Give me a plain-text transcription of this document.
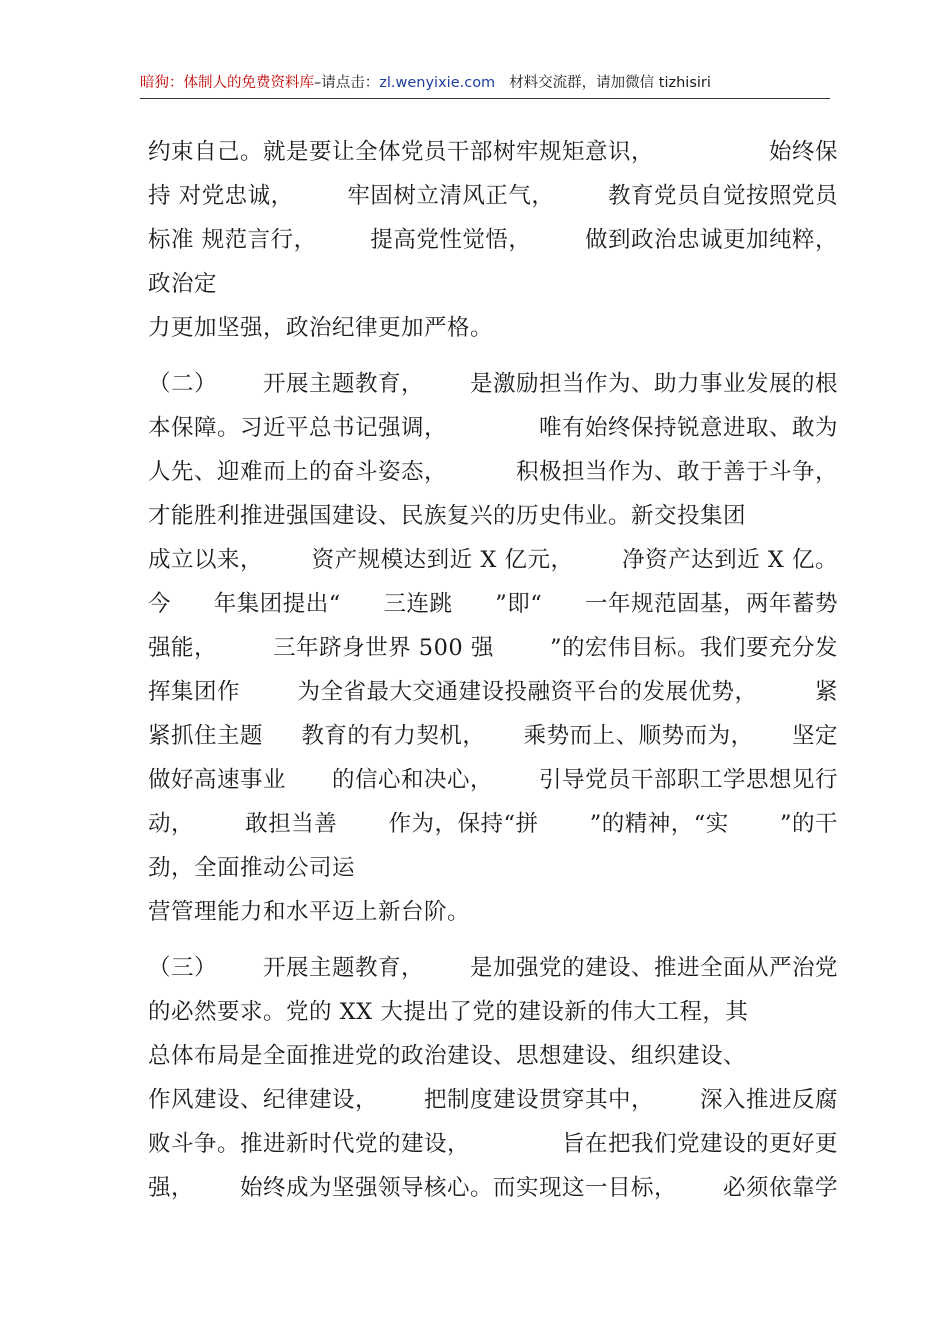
暗狗：体制人的免费资料库–请点击：zl.wenyixie.com 材料交流群，请加微信 tizhisiri
约束自己。就是要让全体党员干部树牢规矩意识，	始终保
持 对党忠诚， 牢固树立清风正气， 教育党员自觉按照党员
标准 规范言行， 提高党性觉悟， 做到政治忠诚更加纯粹，
政治定
力更加坚强，政治纪律更加严格。
（二） 开展主题教育， 是激励担当作为、助力事业发展的根
本保障。习近平总书记强调，	唯有始终保持锐意进取、敢为
人先、迎难而上的奋斗姿态，	积极担当作为、敢于善于斗争，
才能胜利推进强国建设、民族复兴的历史伟业。新交投集团
成立以来， 资产规模达到近 X 亿元， 净资产达到近 X 亿。
今 年集团提出“ 三连跳 ”即“ 一年规范固基，两年蓄势
强能， 三年跻身世界 500 强 ”的宏伟目标。我们要充分发
挥集团作	为全省最大交通建设投融资平台的发展优势，	紧
紧抓住主题 教育的有力契机， 乘势而上、顺势而为， 坚定
做好高速事业 的信心和决心， 引导党员干部职工学思想见行
动， 敢担当善 作为，保持“拼 ”的精神，“实 ”的干
劲，全面推动公司运
营管理能力和水平迈上新台阶。
（三） 开展主题教育， 是加强党的建设、推进全面从严治党
的必然要求。党的 XX 大提出了党的建设新的伟大工程，其
总体布局是全面推进党的政治建设、思想建设、组织建设、
作风建设、纪律建设， 把制度建设贯穿其中， 深入推进反腐
败斗争。推进新时代党的建设，	旨在把我们党建设的更好更
强， 始终成为坚强领导核心。而实现这一目标， 必须依靠学
